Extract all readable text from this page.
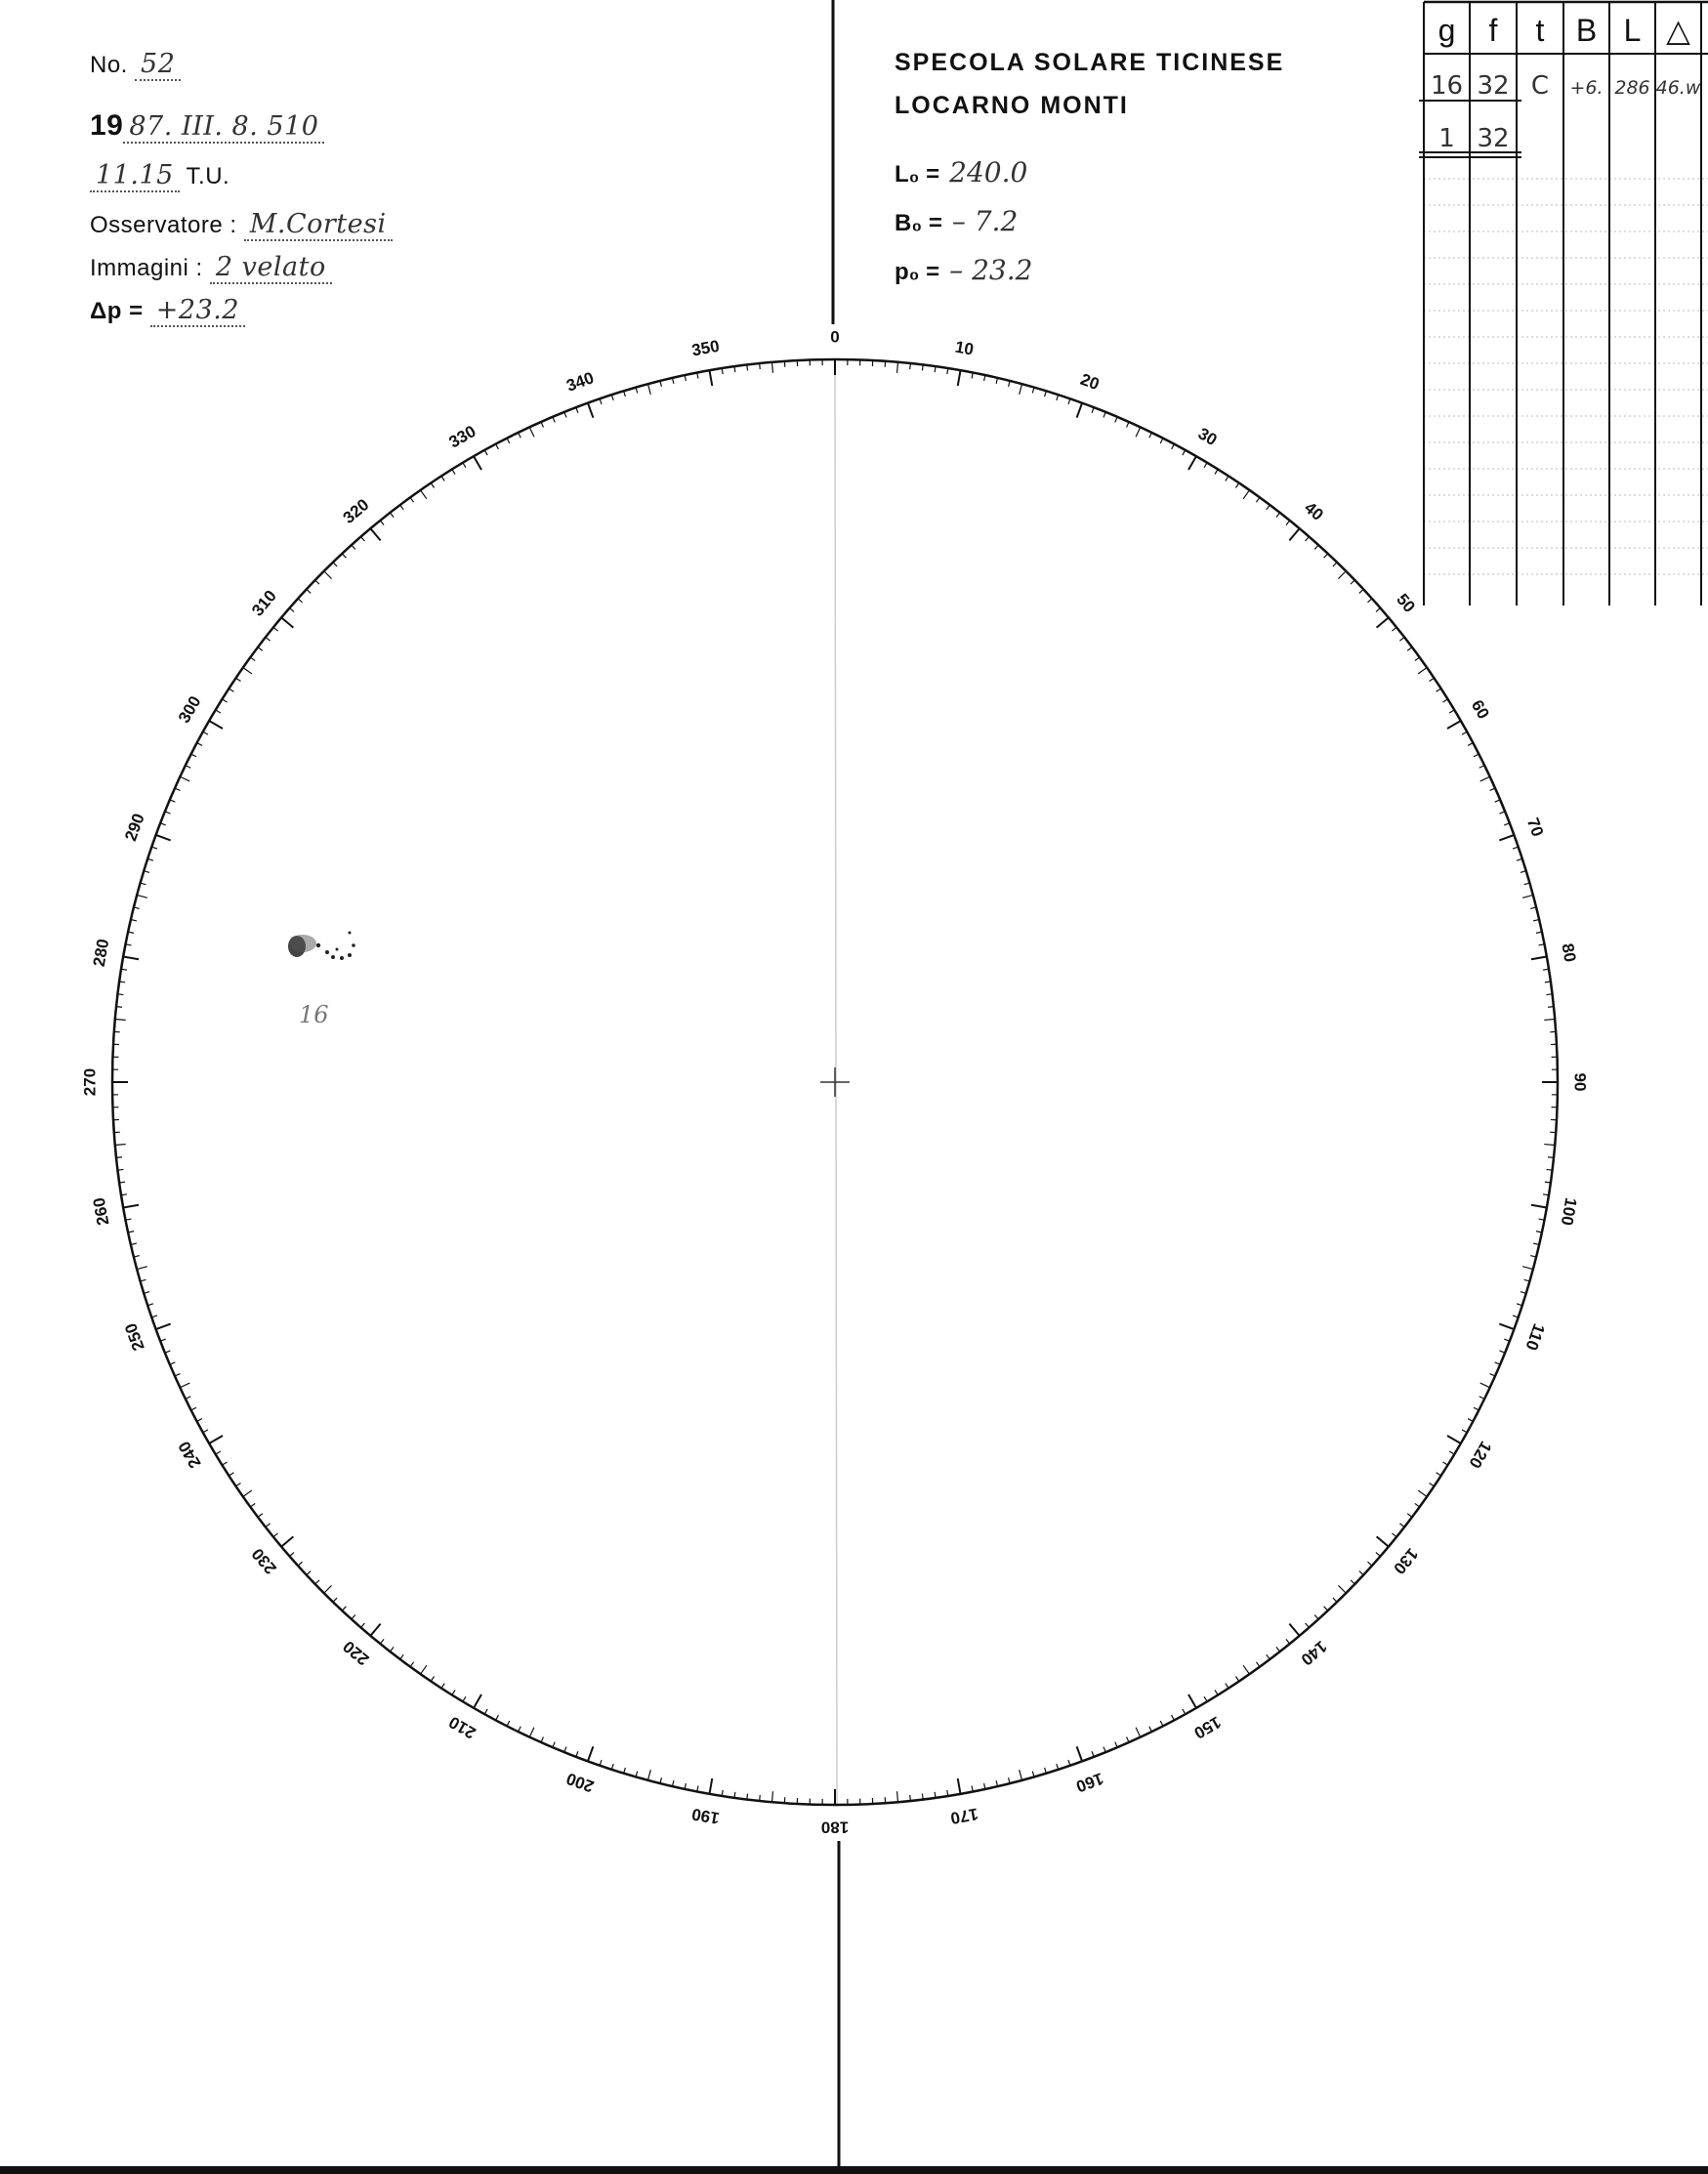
No. 52
19 87. III. 8. 510
11.15 T.U.
Osservatore : M.Cortesi
Immagini : 2 velato
Δp = +23.2
SPECOLA SOLARE TICINESE
LOCARNO MONTI
L₀ = 240.0
B₀ = – 7.2
p₀ = – 23.2
0
10
20
30
40
50
60
70
80
90
100
110
120
130
140
150
160
170
180
190
200
210
220
230
240
250
260
270
280
290
300
310
320
330
340
350
16
g f t B L △
16 32 C +6. 286 46.w
1 32
